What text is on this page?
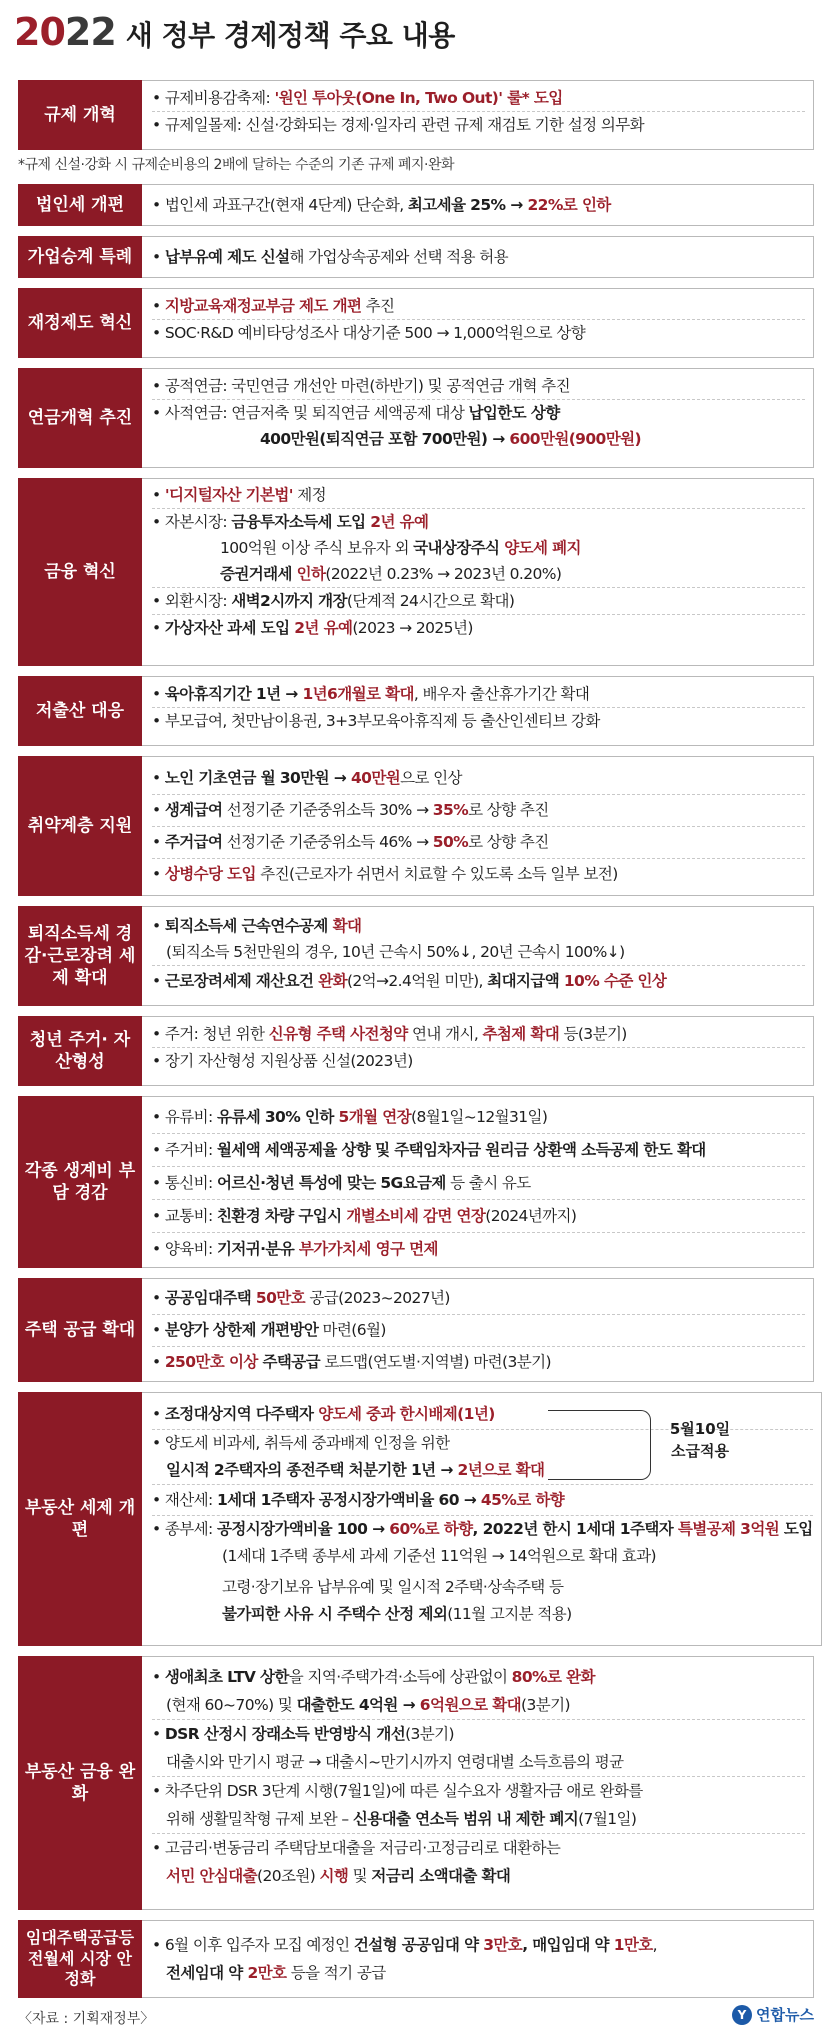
20 22 새 정부 경제정책 주요 내용
규제 개혁
• 규제비용감축제: '원인 투아웃(One In, Two Out)' 룰* 도입
• 규제일몰제: 신설·강화되는 경제·일자리 관련 규제 재검토 기한 설정 의무화
*규제 신설·강화 시 규제순비용의 2배에 달하는 수준의 기존 규제 폐지·완화
법인세 개편	• 법인세 과표구간(현재 4단계) 단순화, 최고세율 25% → 22%로 인하
가업승계 특례	• 납부유예 제도 신설해 가업상속공제와 선택 적용 허용
재정제도 혁신
• 지방교육재정교부금 제도 개편 추진
• SOC·R&D 예비타당성조사 대상기준 500 → 1,000억원으로 상향
연금개혁 추진
• 공적연금: 국민연금 개선안 마련(하반기) 및 공적연금 개혁 추진
• 사적연금: 연금저축 및 퇴직연금 세액공제 대상 납입한도 상향
400만원(퇴직연금 포함 700만원) → 600만원(900만원)
금융 혁신
• '디지털자산 기본법' 제정
• 자본시장: 금융투자소득세 도입 2년 유예
100억원 이상 주식 보유자 외 국내상장주식 양도세 폐지
증권거래세 인하(2022년 0.23% → 2023년 0.20%)
• 외환시장: 새벽2시까지 개장(단계적 24시간으로 확대)
• 가상자산 과세 도입 2년 유예(2023 → 2025년)
저출산 대응
• 육아휴직기간 1년 → 1년6개월로 확대, 배우자 출산휴가기간 확대
• 부모급여, 첫만남이용권, 3+3부모육아휴직제 등 출산인센티브 강화
취약계층 지원
• 노인 기초연금 월 30만원 → 40만원으로 인상
• 생계급여 선정기준 기준중위소득 30% → 35%로 상향 추진
• 주거급여 선정기준 기준중위소득 46% → 50%로 상향 추진
• 상병수당 도입 추진(근로자가 쉬면서 치료할 수 있도록 소득 일부 보전)
퇴직소득세 경감·근로장려 세제 확대
• 퇴직소득세 근속연수공제 확대
(퇴직소득 5천만원의 경우, 10년 근속시 50%↓, 20년 근속시 100%↓)
• 근로장려세제 재산요건 완화(2억→2.4억원 미만), 최대지급액 10% 수준 인상
청년 주거· 자산형성
• 주거: 청년 위한 신유형 주택 사전청약 연내 개시, 추첨제 확대 등(3분기)
• 장기 자산형성 지원상품 신설(2023년)
각종 생계비 부담 경감
• 유류비: 유류세 30% 인하 5개월 연장(8월1일~12월31일)
• 주거비: 월세액 세액공제율 상향 및 주택임차자금 원리금 상환액 소득공제 한도 확대
• 통신비: 어르신·청년 특성에 맞는 5G요금제 등 출시 유도
• 교통비: 친환경 차량 구입시 개별소비세 감면 연장(2024년까지)
• 양육비: 기저귀·분유 부가가치세 영구 면제
주택 공급 확대
• 공공임대주택 50만호 공급(2023~2027년)
• 분양가 상한제 개편방안 마련(6월)
• 250만호 이상 주택공급 로드맵(연도별·지역별) 마련(3분기)
부동산 세제 개편
• 조정대상지역 다주택자 양도세 중과 한시배제(1년)
• 양도세 비과세, 취득세 중과배제 인정을 위한
일시적 2주택자의 종전주택 처분기한 1년 → 2년으로 확대
• 재산세: 1세대 1주택자 공정시장가액비율 60 → 45%로 하향
• 종부세: 공정시장가액비율 100 → 60%로 하향, 2022년 한시 1세대 1주택자 특별공제 3억원 도입
(1세대 1주택 종부세 과세 기준선 11억원 → 14억원으로 확대 효과)
고령·장기보유 납부유예 및 일시적 2주택·상속주택 등
불가피한 사유 시 주택수 산정 제외(11월 고지분 적용)
5월10일
소급적용
부동산 금융 완화
• 생애최초 LTV 상한을 지역·주택가격·소득에 상관없이 80%로 완화
(현재 60~70%) 및 대출한도 4억원 → 6억원으로 확대(3분기)
• DSR 산정시 장래소득 반영방식 개선(3분기)
대출시와 만기시 평균 → 대출시~만기시까지 연령대별 소득흐름의 평균
• 차주단위 DSR 3단계 시행(7월1일)에 따른 실수요자 생활자금 애로 완화를
위해 생활밀착형 규제 보완 – 신용대출 연소득 범위 내 제한 폐지(7월1일)
• 고금리·변동금리 주택담보대출을 저금리·고정금리로 대환하는
서민 안심대출(20조원) 시행 및 저금리 소액대출 확대
임대주택공급등 전월세 시장 안정화
• 6월 이후 입주자 모집 예정인 건설형 공공임대 약 3만호, 매입임대 약 1만호,
전세임대 약 2만호 등을 적기 공급
〈자료 : 기획재정부〉	Y 연합뉴스
